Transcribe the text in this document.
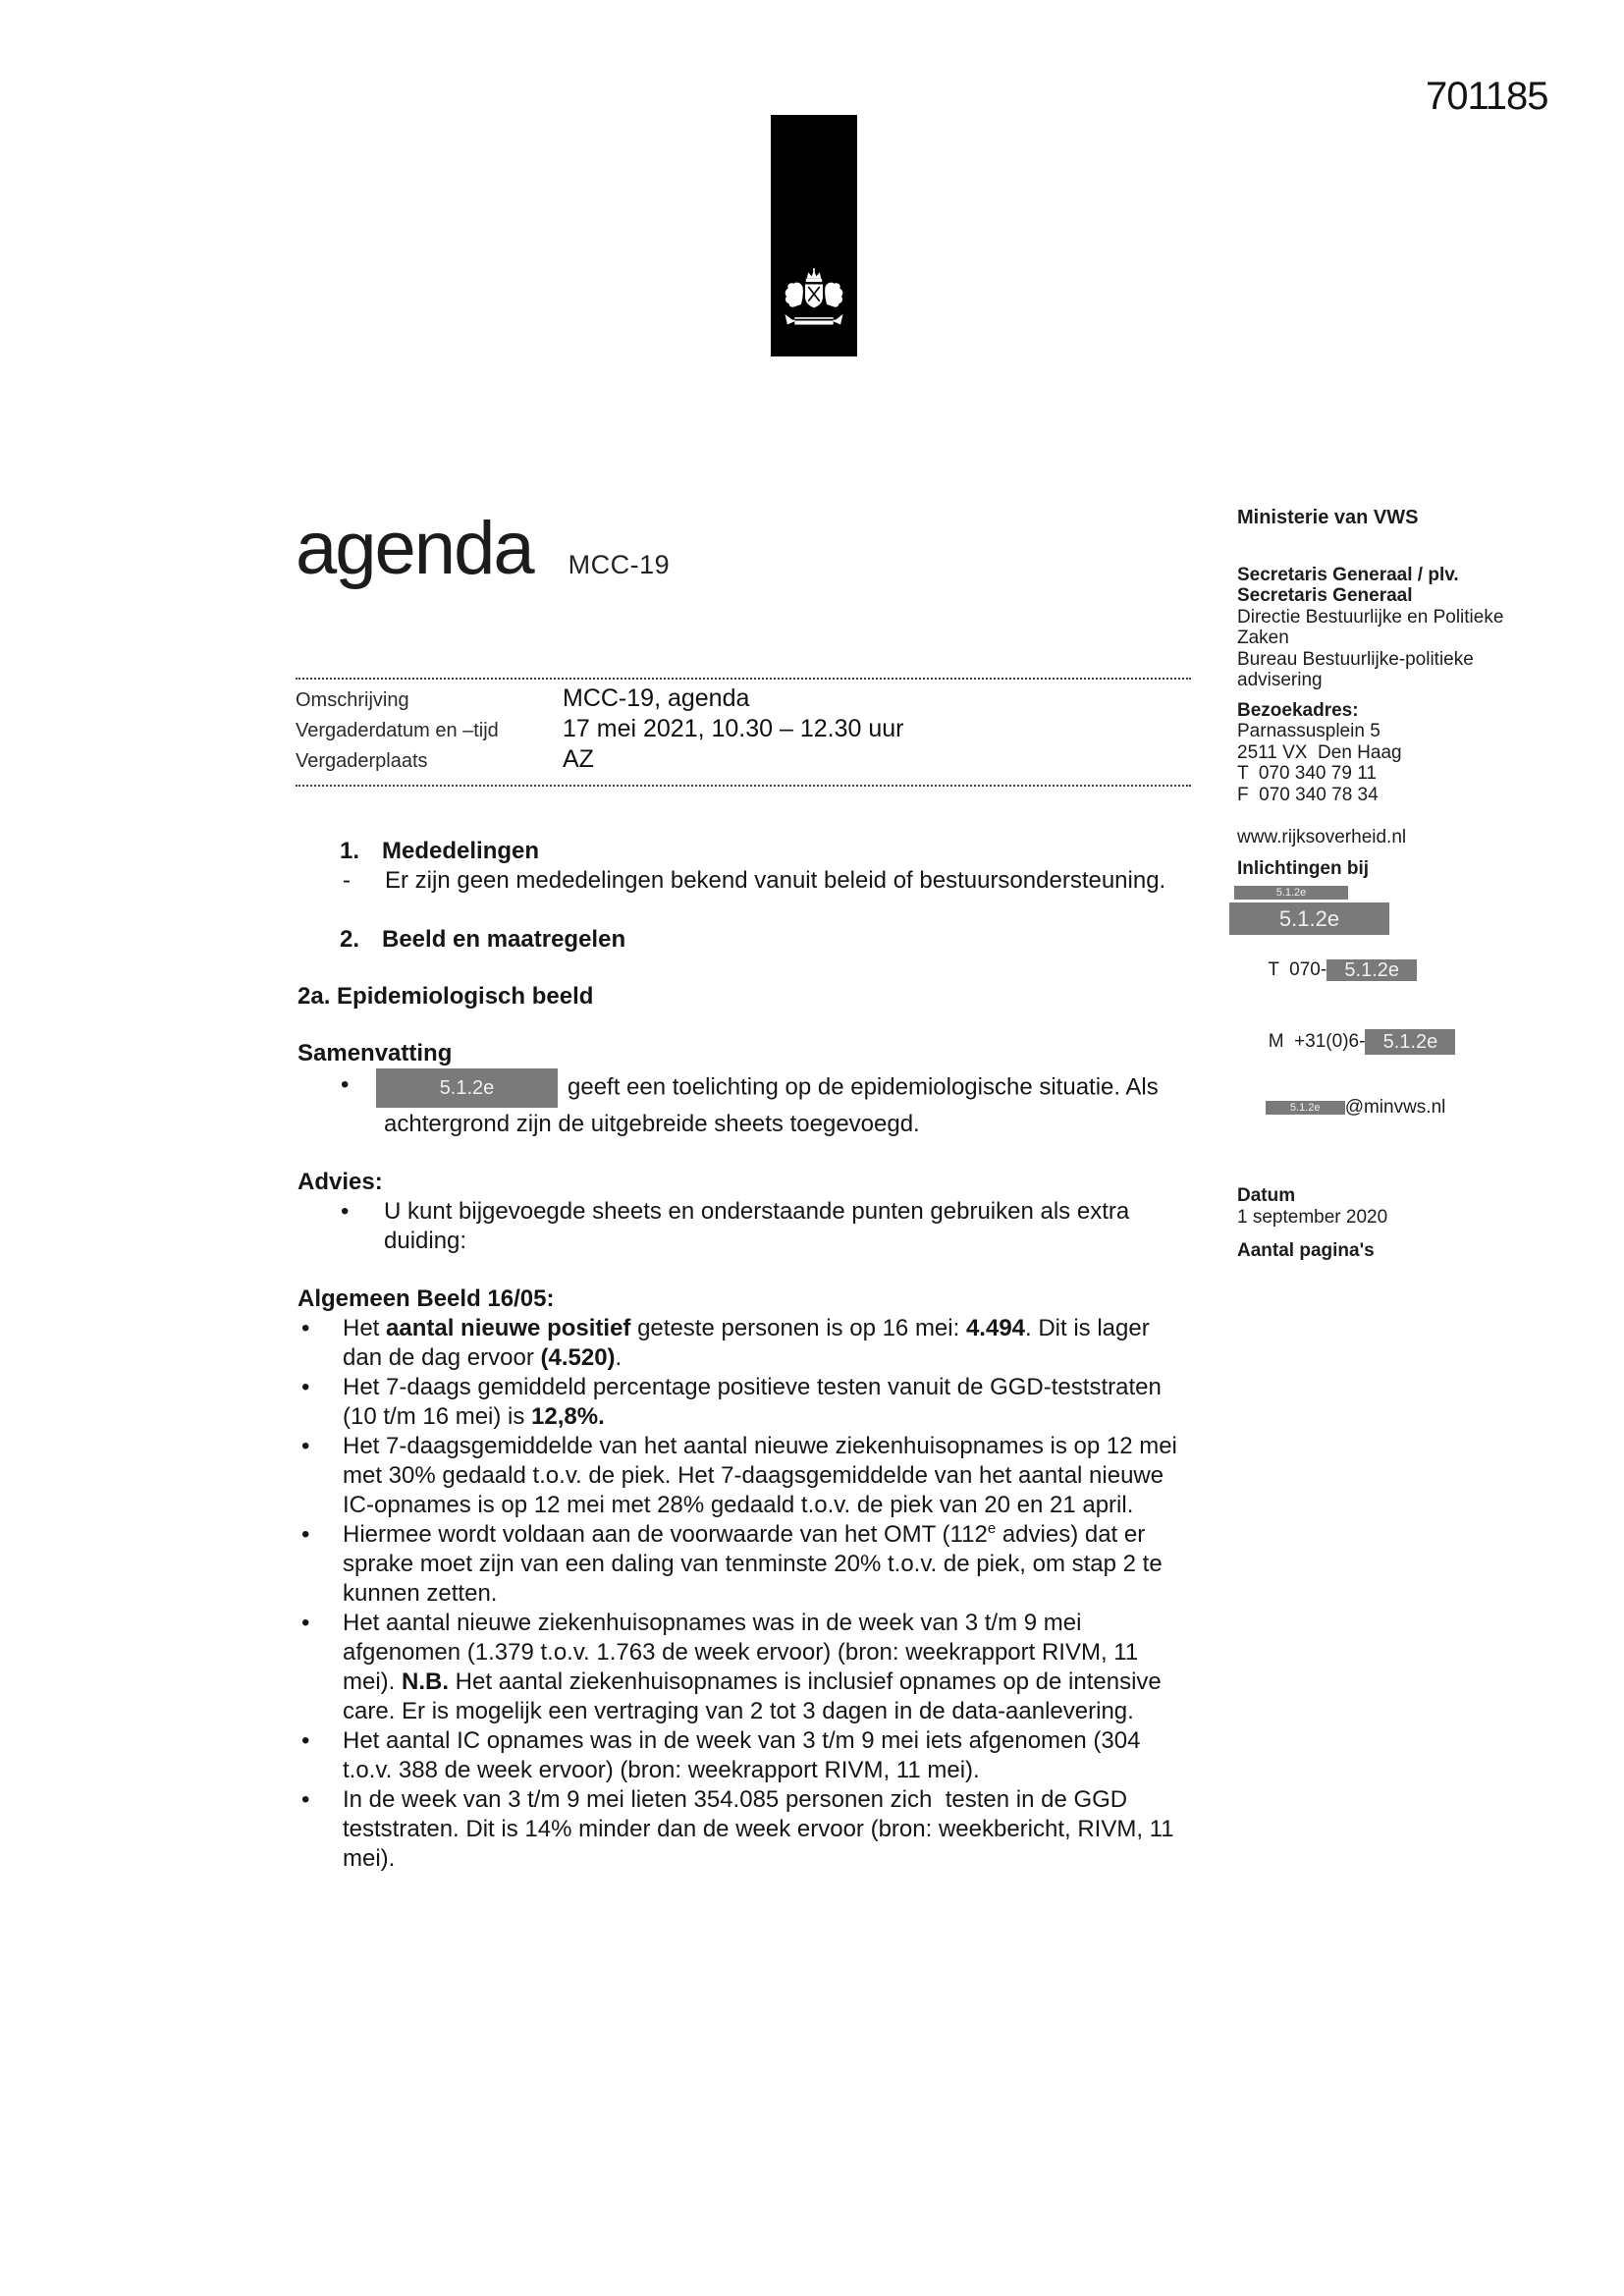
701185
agenda MCC-19
Omschrijving	MCC-19, agenda
Vergaderdatum en –tijd	17 mei 2021, 10.30 – 12.30 uur
Vergaderplaats	AZ
Ministerie van VWS
Secretaris Generaal / plv.
Secretaris Generaal
Directie Bestuurlijke en Politieke
Zaken
Bureau Bestuurlijke-politieke
advisering
Bezoekadres:
Parnassusplein 5
2511 VX  Den Haag
T  070 340 79 11
F  070 340 78 34
www.rijksoverheid.nl
Inlichtingen bij
5.1.2e
5.1.2e

T  070- 5.1.2e

M  +31(0)6- 5.1.2e

5.1.2e @minvws.nl

Datum
1 september 2020
Aantal pagina's
1. Mededelingen
-	Er zijn geen mededelingen bekend vanuit beleid of bestuursondersteuning.
2. Beeld en maatregelen
2a. Epidemiologisch beeld
Samenvatting
•	5.1.2e	geeft een toelichting op de epidemiologische situatie. Als achtergrond zijn de uitgebreide sheets toegevoegd.
Advies:
•	U kunt bijgevoegde sheets en onderstaande punten gebruiken als extra duiding:
Algemeen Beeld 16/05:
•	Het aantal nieuwe positief geteste personen is op 16 mei: 4.494. Dit is lager dan de dag ervoor (4.520).
•	Het 7-daags gemiddeld percentage positieve testen vanuit de GGD-teststraten (10 t/m 16 mei) is 12,8%.
•	Het 7-daagsgemiddelde van het aantal nieuwe ziekenhuisopnames is op 12 mei met 30% gedaald t.o.v. de piek. Het 7-daagsgemiddelde van het aantal nieuwe IC-opnames is op 12 mei met 28% gedaald t.o.v. de piek van 20 en 21 april.
•	Hiermee wordt voldaan aan de voorwaarde van het OMT (112e advies) dat er sprake moet zijn van een daling van tenminste 20% t.o.v. de piek, om stap 2 te kunnen zetten.
•	Het aantal nieuwe ziekenhuisopnames was in de week van 3 t/m 9 mei afgenomen (1.379 t.o.v. 1.763 de week ervoor) (bron: weekrapport RIVM, 11 mei). N.B. Het aantal ziekenhuisopnames is inclusief opnames op de intensive care. Er is mogelijk een vertraging van 2 tot 3 dagen in de data-aanlevering.
•	Het aantal IC opnames was in de week van 3 t/m 9 mei iets afgenomen (304 t.o.v. 388 de week ervoor) (bron: weekrapport RIVM, 11 mei).
•	In de week van 3 t/m 9 mei lieten 354.085 personen zich  testen in de GGD teststraten. Dit is 14% minder dan de week ervoor (bron: weekbericht, RIVM, 11 mei).
